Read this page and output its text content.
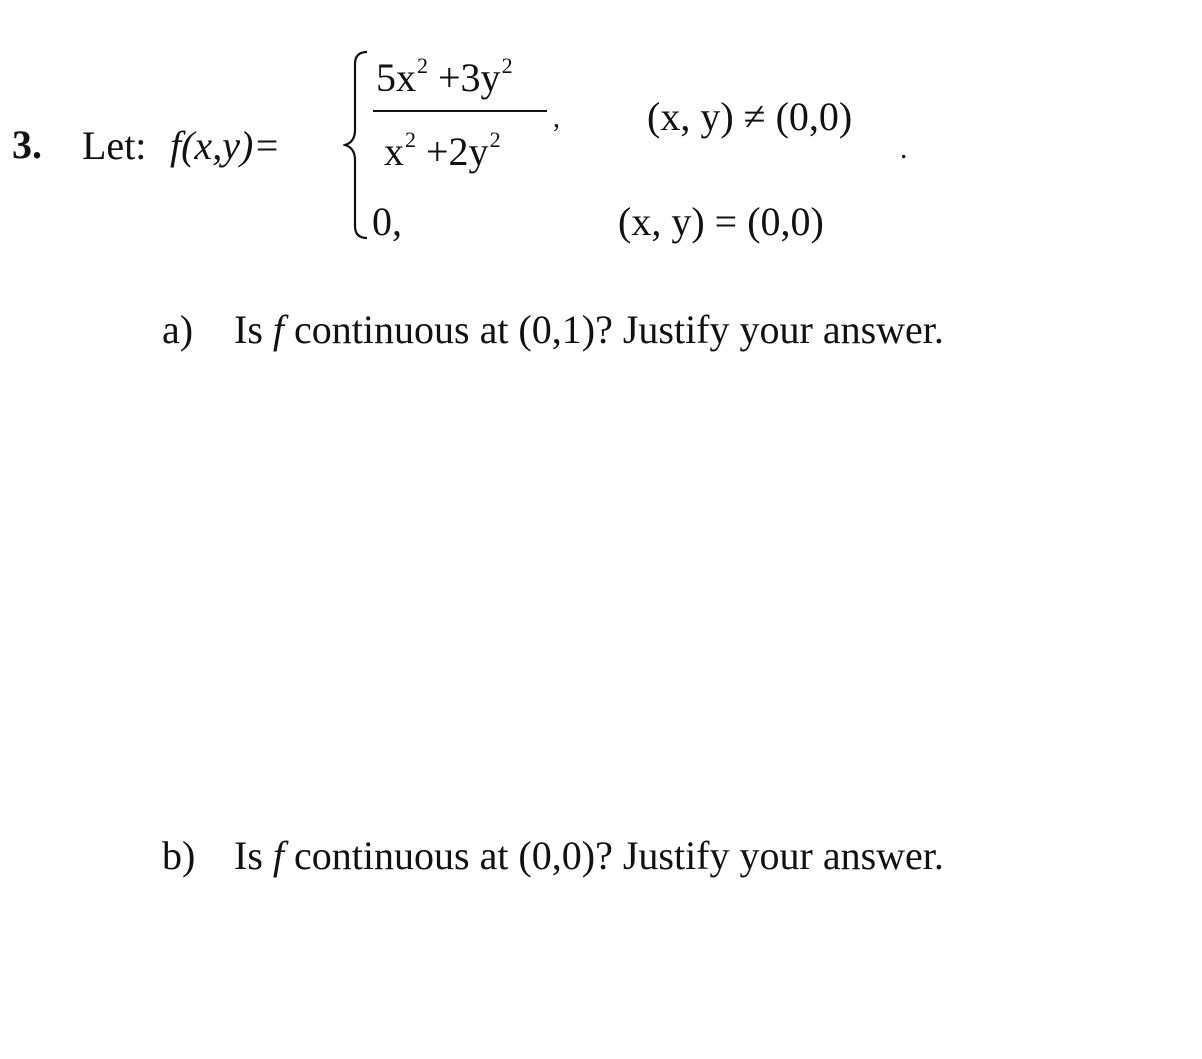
3. Let: f(x,y)=
$5x^2 +3y^2$
$x^2 +2y^2$
, (x, y) ≠ (0,0)
.
0,	(x, y) = (0,0)
a) Is f continuous at (0,1)? Justify your answer.
b) Is f continuous at (0,0)? Justify your answer.
